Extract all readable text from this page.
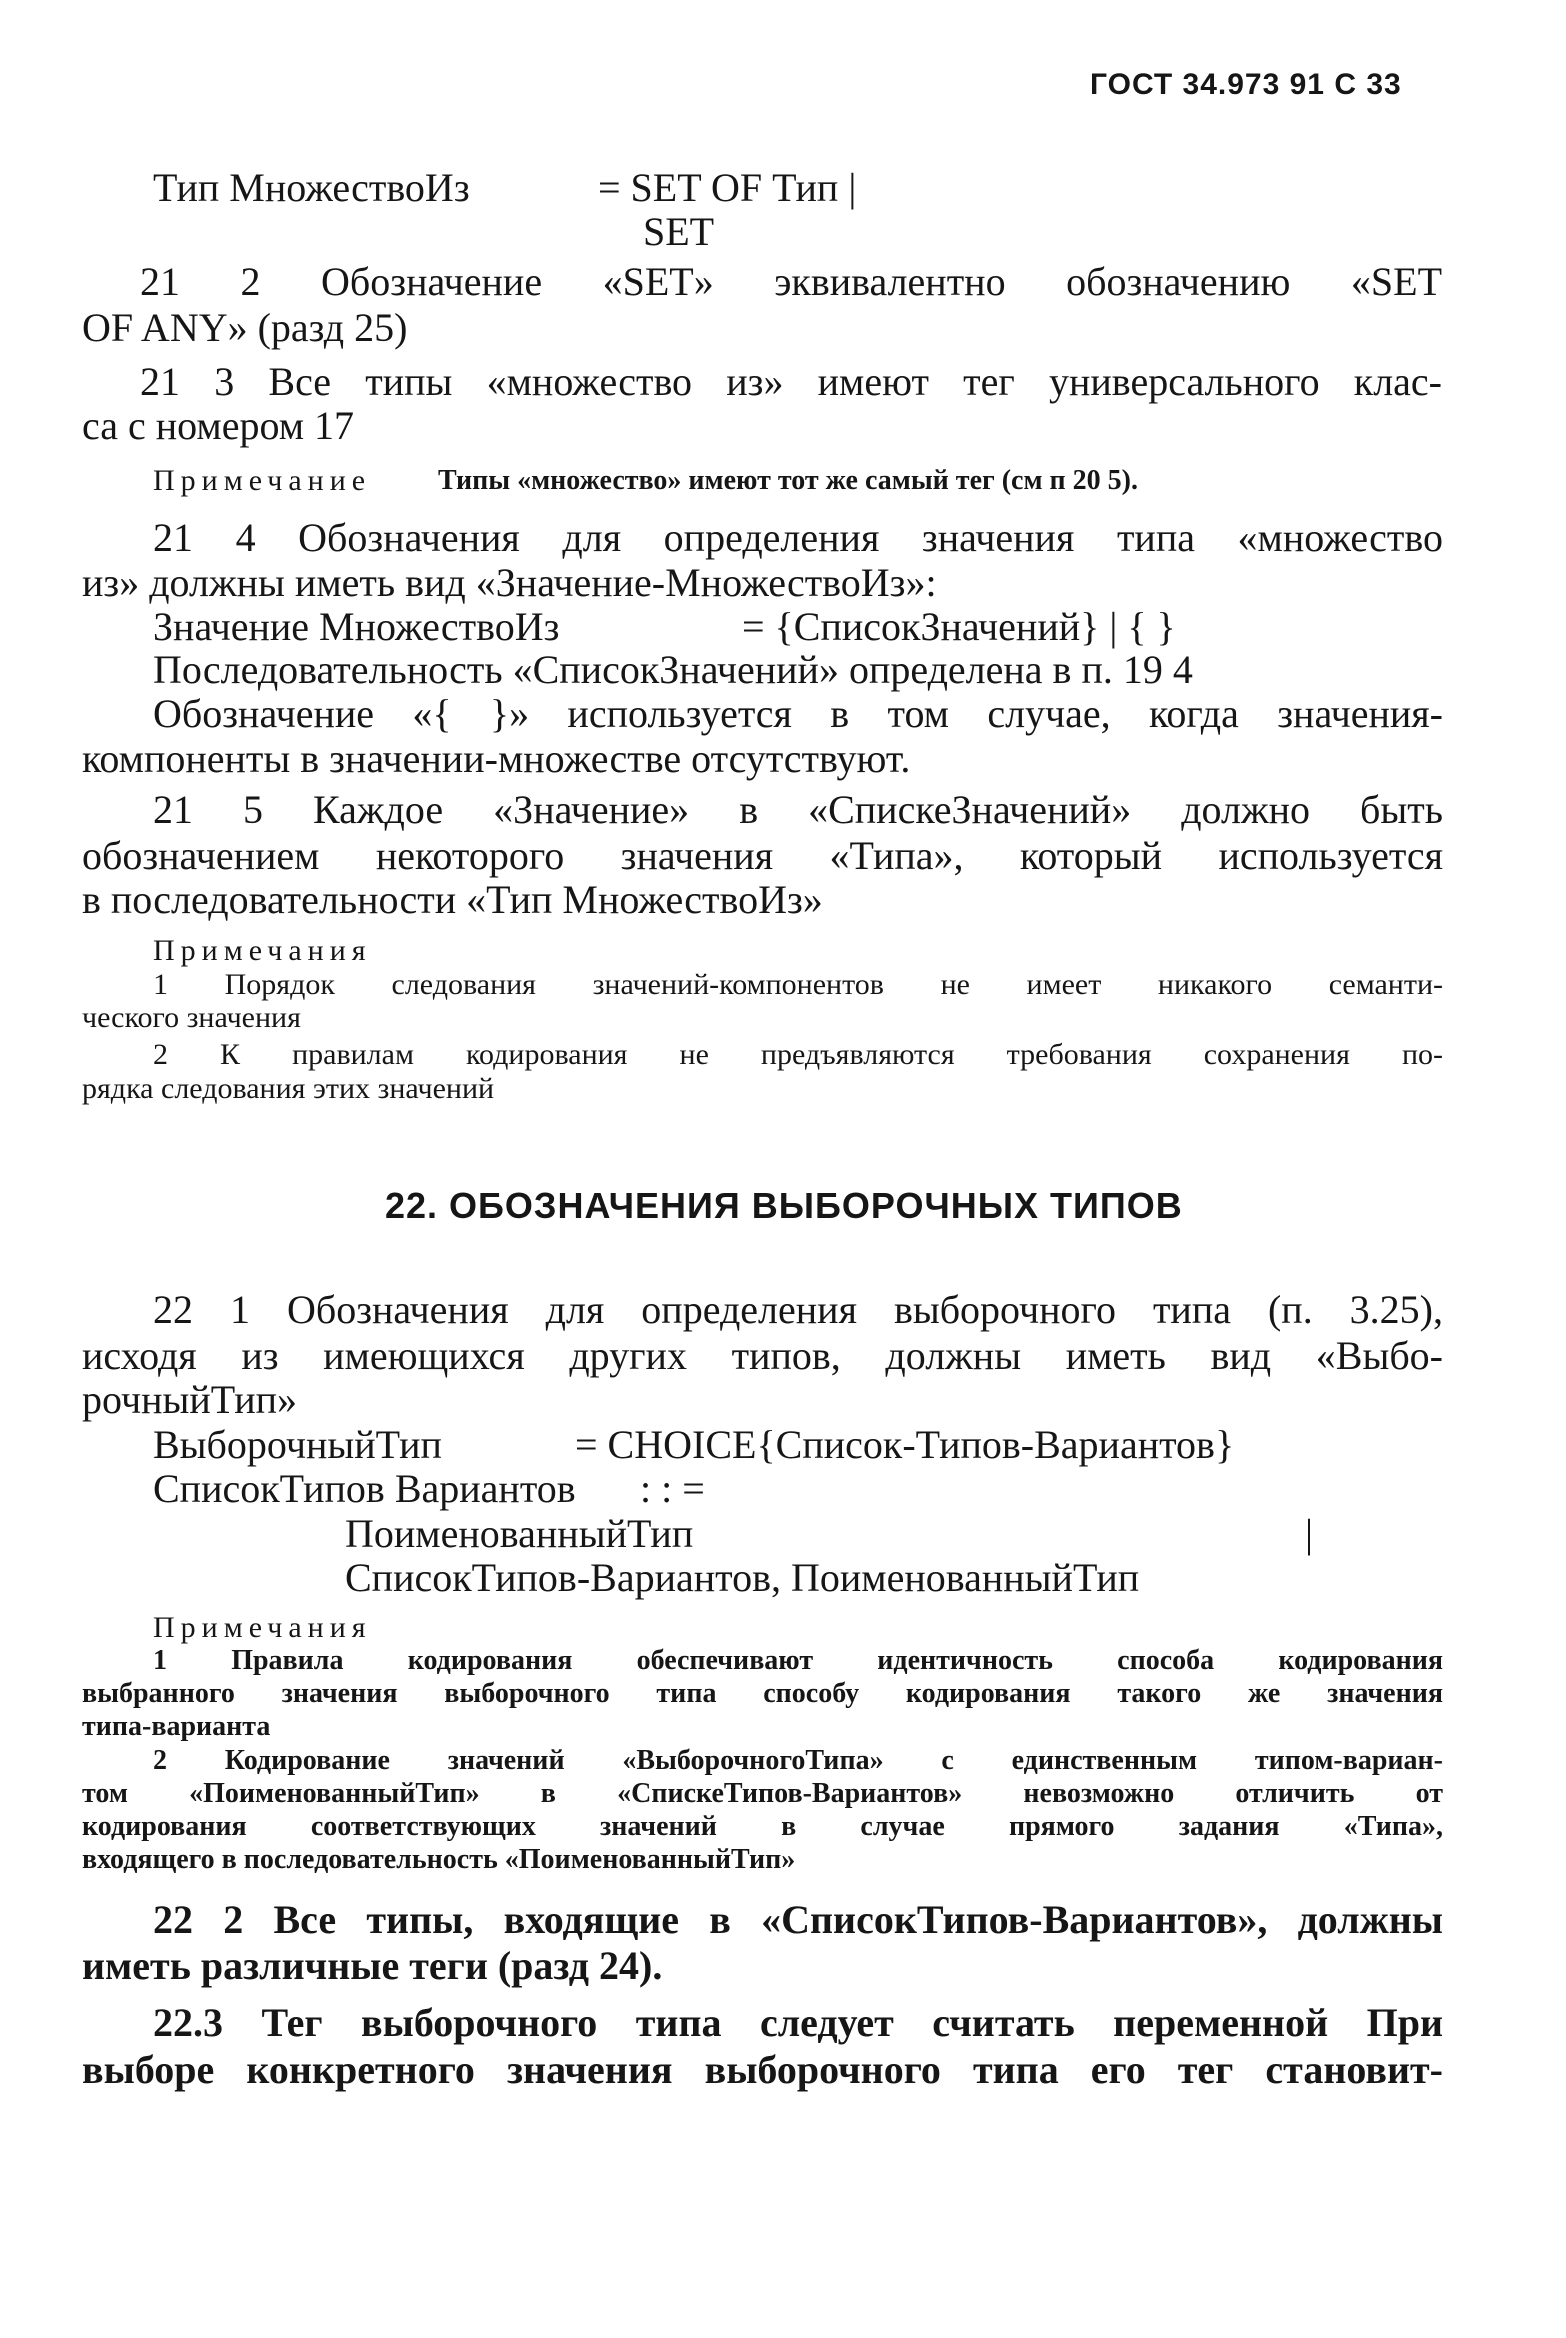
ГОСТ 34.973 91 С 33
Тип МножествоИз	= SET OF Тип |
SET
21 2 Обозначение «SET» эквивалентно обозначению «SET
OF ANY» (разд 25)
21 3 Все типы «множество из» имеют тег универсального клас-
са с номером 17
Примечание Типы «множество» имеют тот же самый тег (см п 20 5).
21 4 Обозначения для определения значения типа «множество
из» должны иметь вид «Значение-МножествоИз»:
Значение МножествоИз	= {СписокЗначений} | { }
Последовательность «СписокЗначений» определена в п. 19 4
Обозначение «{ }» используется в том случае, когда значения-
компоненты в значении-множестве отсутствуют.
21 5 Каждое «Значение» в «СпискеЗначений» должно быть
обозначением некоторого значения «Типа», который используется
в последовательности «Тип МножествоИз»
Примечания
1 Порядок следования значений-компонентов не имеет никакого семанти-
ческого значения
2 К правилам кодирования не предъявляются требования сохранения по-
рядка следования этих значений
22. ОБОЗНАЧЕНИЯ ВЫБОРОЧНЫХ ТИПОВ
22 1 Обозначения для определения выборочного типа (п. 3.25),
исходя из имеющихся других типов, должны иметь вид «Выбо-
рочныйТип»
ВыборочныйТип	= CHOICE{Список-Типов-Вариантов}
СписокТипов Вариантов : : =
ПоименованныйТип	|
СписокТипов-Вариантов, ПоименованныйТип
Примечания
1 Правила кодирования обеспечивают идентичность способа кодирования
выбранного значения выборочного типа способу кодирования такого же значения
типа-варианта
2 Кодирование значений «ВыборочногоТипа» с единственным типом-вариан-
том «ПоименованныйТип» в «СпискеТипов-Вариантов» невозможно отличить от
кодирования соответствующих значений в случае прямого задания «Типа»,
входящего в последовательность «ПоименованныйТип»
22 2 Все типы, входящие в «СписокТипов-Вариантов», должны
иметь различные теги (разд 24).
22.3 Тег выборочного типа следует считать переменной При
выборе конкретного значения выборочного типа его тег становит-
